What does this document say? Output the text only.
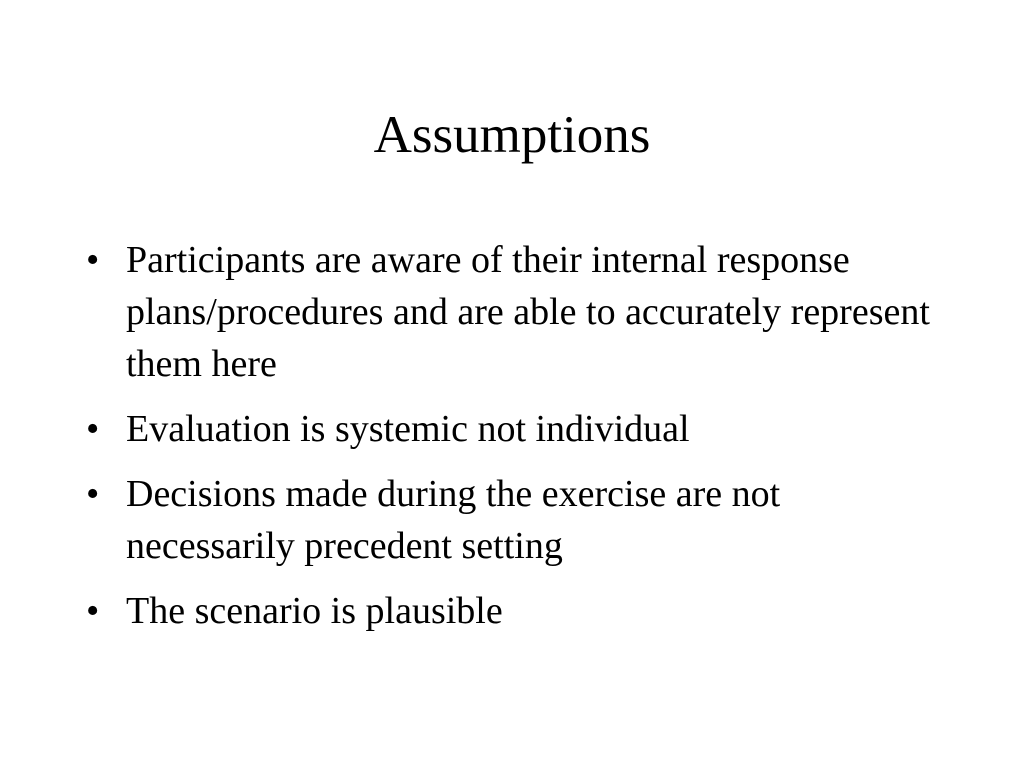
Assumptions
• Participants are aware of their internal response plans/procedures and are able to accurately represent them here
• Evaluation is systemic not individual
• Decisions made during the exercise are not necessarily precedent setting
• The scenario is plausible
